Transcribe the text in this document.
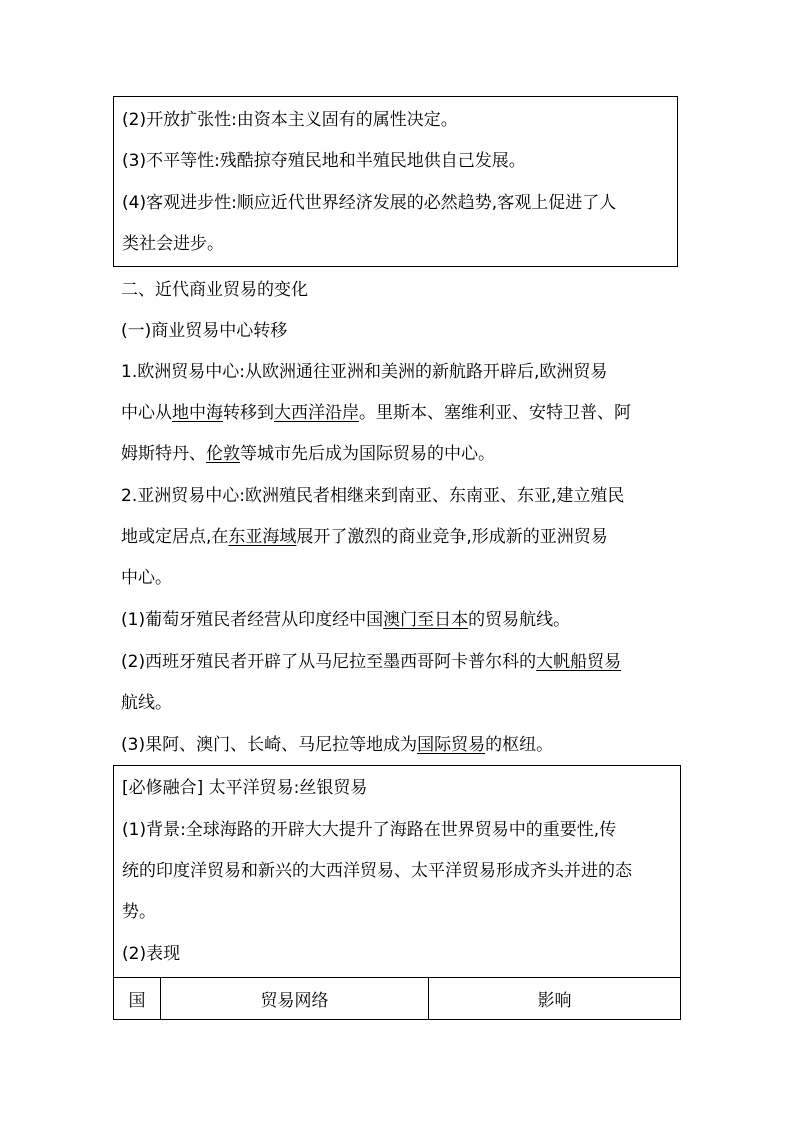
(2)开放扩张性:由资本主义固有的属性决定。
(3)不平等性:残酷掠夺殖民地和半殖民地供自己发展。
(4)客观进步性:顺应近代世界经济发展的必然趋势,客观上促进了人
类社会进步。
二、近代商业贸易的变化
(一)商业贸易中心转移
1.欧洲贸易中心:从欧洲通往亚洲和美洲的新航路开辟后,欧洲贸易
中心从地中海转移到大西洋沿岸。里斯本、塞维利亚、安特卫普、阿
姆斯特丹、伦敦等城市先后成为国际贸易的中心。
2.亚洲贸易中心:欧洲殖民者相继来到南亚、东南亚、东亚,建立殖民
地或定居点,在东亚海域展开了激烈的商业竞争,形成新的亚洲贸易
中心。
(1)葡萄牙殖民者经营从印度经中国澳门至日本的贸易航线。
(2)西班牙殖民者开辟了从马尼拉至墨西哥阿卡普尔科的大帆船贸易
航线。
(3)果阿、澳门、长崎、马尼拉等地成为国际贸易的枢纽。
[必修融合] 太平洋贸易:丝银贸易
(1)背景:全球海路的开辟大大提升了海路在世界贸易中的重要性,传
统的印度洋贸易和新兴的大西洋贸易、太平洋贸易形成齐头并进的态
势。
(2)表现
国	贸易网络	影响
